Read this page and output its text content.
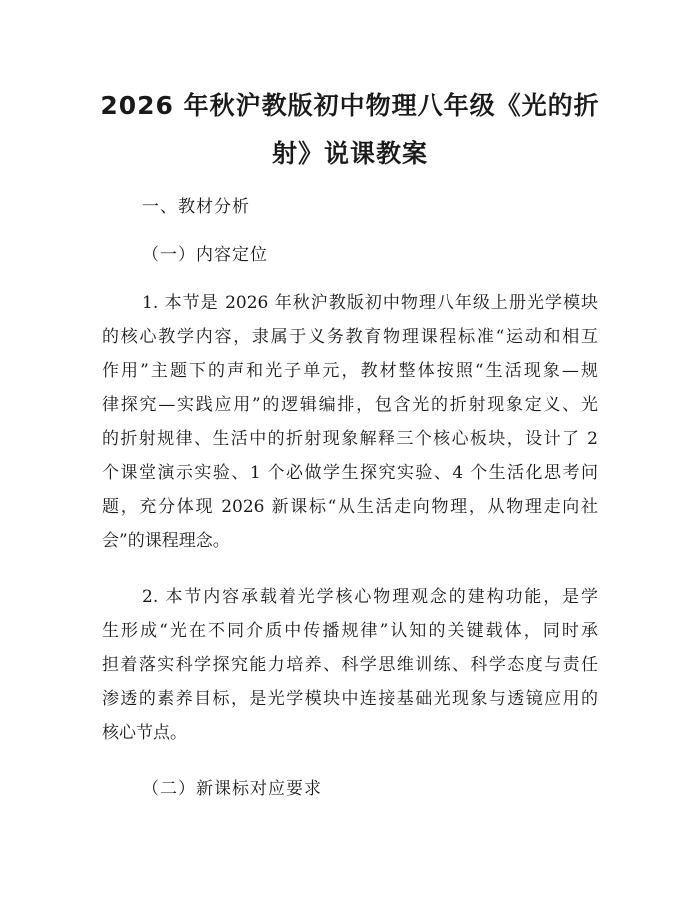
2026 年秋沪教版初中物理八年级《光的折
射》说课教案
一、教材分析
（一）内容定位
1. 本节是 2026 年秋沪教版初中物理八年级上册光学模块
的核心教学内容，隶属于义务教育物理课程标准“运动和相互
作用”主题下的声和光子单元，教材整体按照“生活现象—规
律探究—实践应用”的逻辑编排，包含光的折射现象定义、光
的折射规律、生活中的折射现象解释三个核心板块，设计了 2
个课堂演示实验、1 个必做学生探究实验、4 个生活化思考问
题，充分体现 2026 新课标“从生活走向物理，从物理走向社
会”的课程理念。
2. 本节内容承载着光学核心物理观念的建构功能，是学
生形成“光在不同介质中传播规律”认知的关键载体，同时承
担着落实科学探究能力培养、科学思维训练、科学态度与责任
渗透的素养目标，是光学模块中连接基础光现象与透镜应用的
核心节点。
（二）新课标对应要求
